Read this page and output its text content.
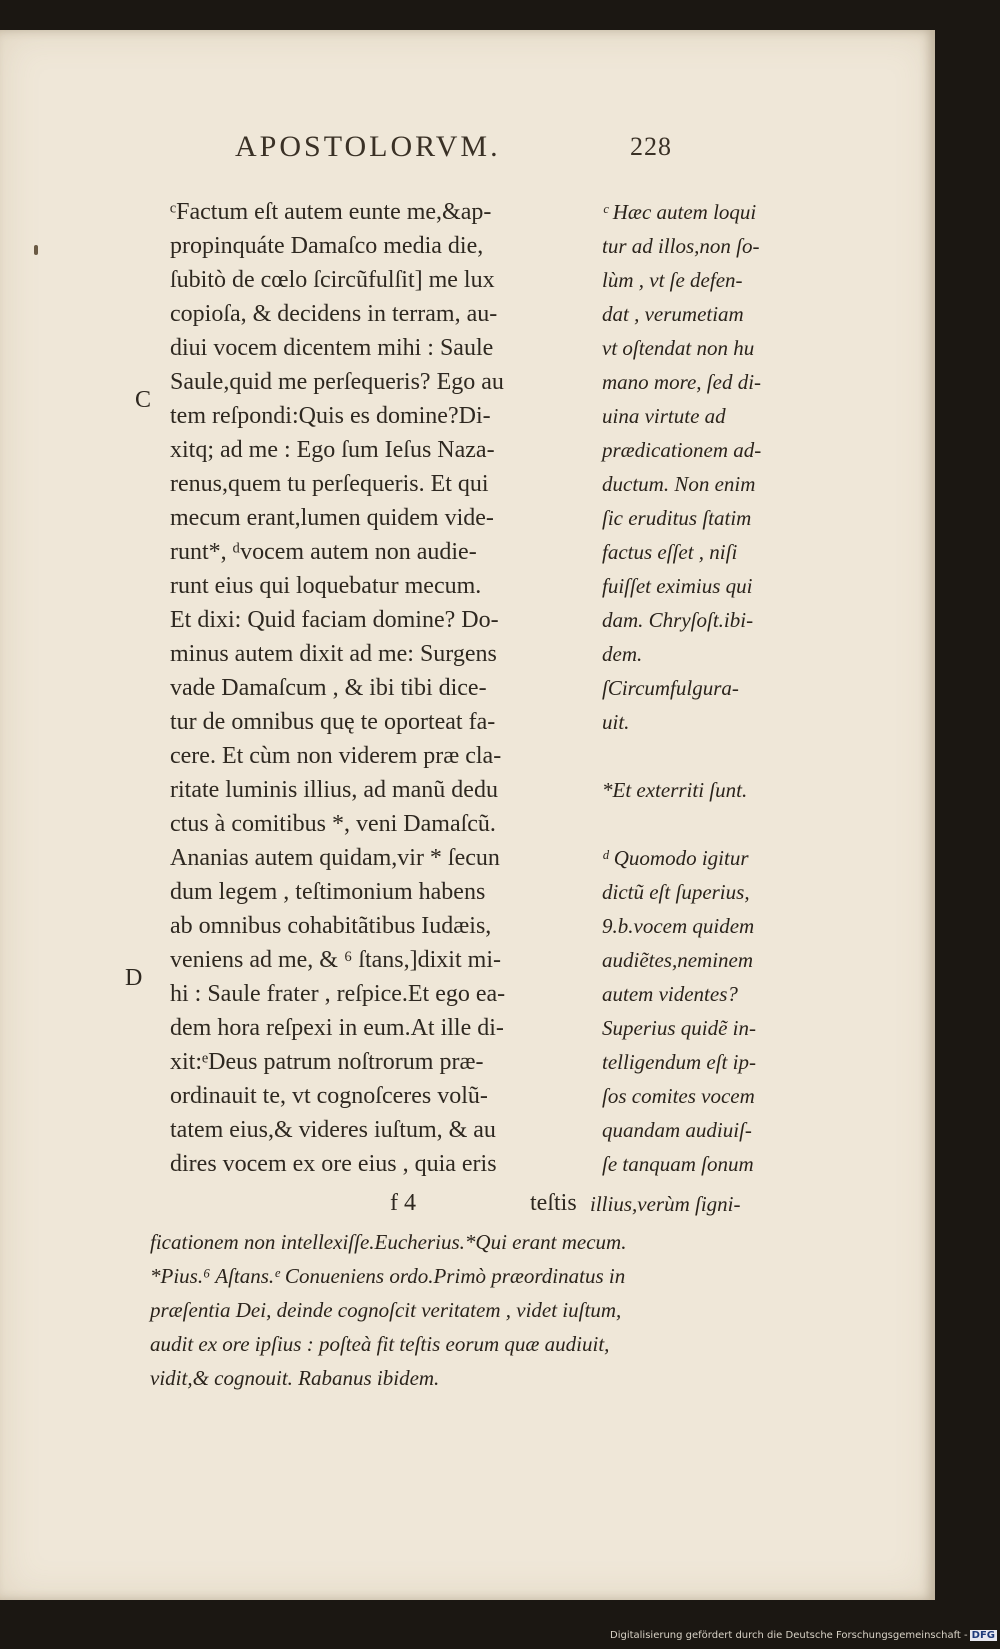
APOSTOLORVM.	228
ᶜFactum eſt autem eunte me,&ap-
propinquáte Damaſco media die,
ſubitò de cœlo ſcircũfulſit] me lux
copioſa, & decidens in terram, au-
diui vocem dicentem mihi : Saule
Saule,quid me perſequeris? Ego au
tem reſpondi:Quis es domine?Di-
xitq; ad me : Ego ſum Ieſus Naza-
renus,quem tu perſequeris. Et qui
mecum erant,lumen quidem vide-
runt*, ᵈvocem autem non audie-
runt eius qui loquebatur mecum.
Et dixi: Quid faciam domine? Do-
minus autem dixit ad me: Surgens
vade Damaſcum , & ibi tibi dice-
tur de omnibus quę te oporteat fa-
cere. Et cùm non viderem præ cla-
ritate luminis illius, ad manũ dedu
ctus à comitibus *, veni Damaſcũ.
Ananias autem quidam,vir * ſecun
dum legem , teſtimonium habens
ab omnibus cohabitãtibus Iudæis,
veniens ad me, & ⁶ ſtans,]dixit mi-
hi : Saule frater , reſpice.Et ego ea-
dem hora reſpexi in eum.At ille di-
xit:ᵉDeus patrum noſtrorum præ-
ordinauit te, vt cognoſceres volũ-
tatem eius,& videres iuſtum, & au
dires vocem ex ore eius , quia eris
ᶜ Hæc autem loqui
tur ad illos,non ſo-
lùm , vt ſe defen-
dat , verumetiam
vt oſtendat non hu
mano more, ſed di-
uina virtute ad
prædicationem ad-
ductum. Non enim
ſic eruditus ſtatim
factus eſſet , niſi
fuiſſet eximius qui
dam. Chryſoſt.ibi-
dem.
ſCircumfulgura-
uit.
*Et exterriti ſunt.
ᵈ Quomodo igitur
dictũ eſt ſuperius,
9.b.vocem quidem
audiẽtes,neminem
autem videntes?
Superius quidẽ in-
telligendum eſt ip-
ſos comites vocem
quandam audiuiſ-
ſe tanquam ſonum
C
D
f 4	teſtis illius,verùm ſigni-
ficationem non intellexiſſe.Eucherius.*Qui erant mecum.
*Pius.⁶ Aſtans.ᵉ Conueniens ordo.Primò præordinatus in
præſentia Dei, deinde cognoſcit veritatem , videt iuſtum,
audit ex ore ipſius : poſteà fit teſtis eorum quæ audiuit,
vidit,& cognouit. Rabanus ibidem.
Digitalisierung gefördert durch die Deutsche Forschungsgemeinschaft - DFG
